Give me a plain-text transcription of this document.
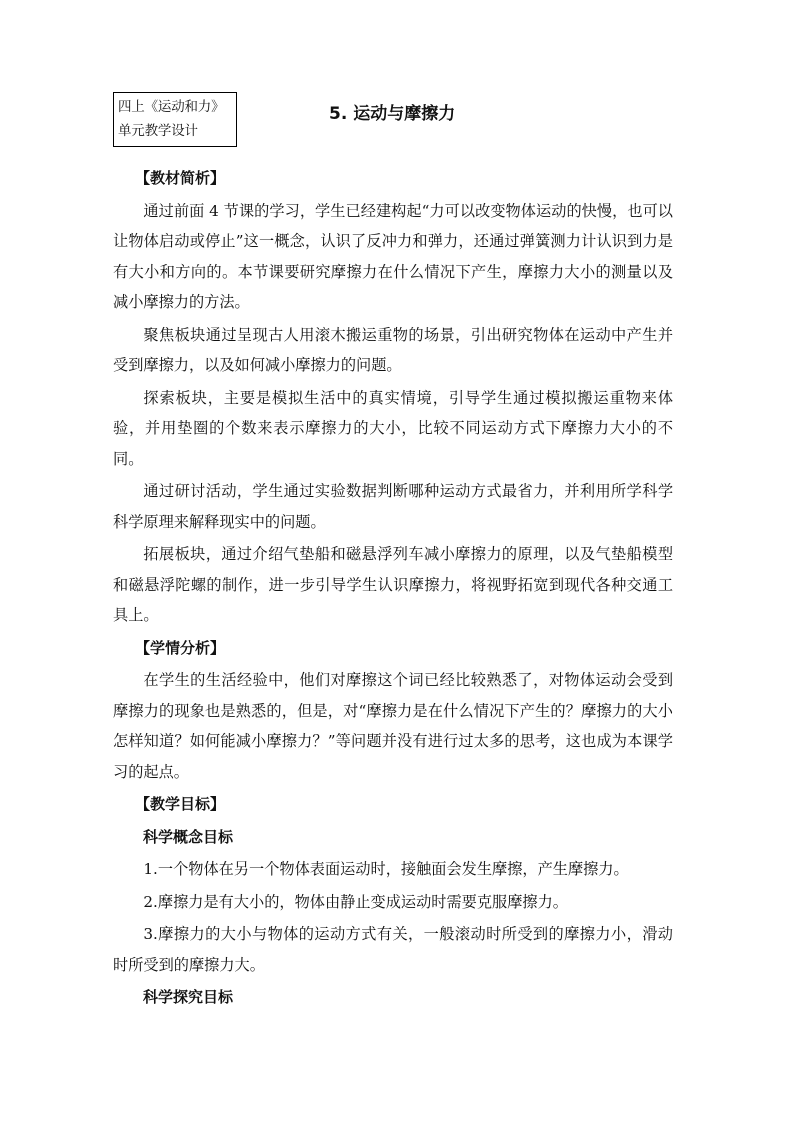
四上《运动和力》
单元教学设计
5. 运动与摩擦力
【教材简析】

通过前面 4 节课的学习，学生已经建构起“力可以改变物体运动的快慢，也可以让物体启动或停止”这一概念，认识了反冲力和弹力，还通过弹簧测力计认识到力是有大小和方向的。本节课要研究摩擦力在什么情况下产生，摩擦力大小的测量以及减小摩擦力的方法。

聚焦板块通过呈现古人用滚木搬运重物的场景，引出研究物体在运动中产生并受到摩擦力，以及如何减小摩擦力的问题。

探索板块，主要是模拟生活中的真实情境，引导学生通过模拟搬运重物来体验，并用垫圈的个数来表示摩擦力的大小，比较不同运动方式下摩擦力大小的不同。

通过研讨活动，学生通过实验数据判断哪种运动方式最省力，并利用所学科学科学原理来解释现实中的问题。

拓展板块，通过介绍气垫船和磁悬浮列车减小摩擦力的原理，以及气垫船模型和磁悬浮陀螺的制作，进一步引导学生认识摩擦力，将视野拓宽到现代各种交通工具上。

【学情分析】

在学生的生活经验中，他们对摩擦这个词已经比较熟悉了，对物体运动会受到摩擦力的现象也是熟悉的，但是，对“摩擦力是在什么情况下产生的？摩擦力的大小怎样知道？如何能减小摩擦力？”等问题并没有进行过太多的思考，这也成为本课学习的起点。

【教学目标】
科学概念目标

1.一个物体在另一个物体表面运动时，接触面会发生摩擦，产生摩擦力。

2.摩擦力是有大小的，物体由静止变成运动时需要克服摩擦力。

3.摩擦力的大小与物体的运动方式有关，一般滚动时所受到的摩擦力小，滑动时所受到的摩擦力大。

科学探究目标
